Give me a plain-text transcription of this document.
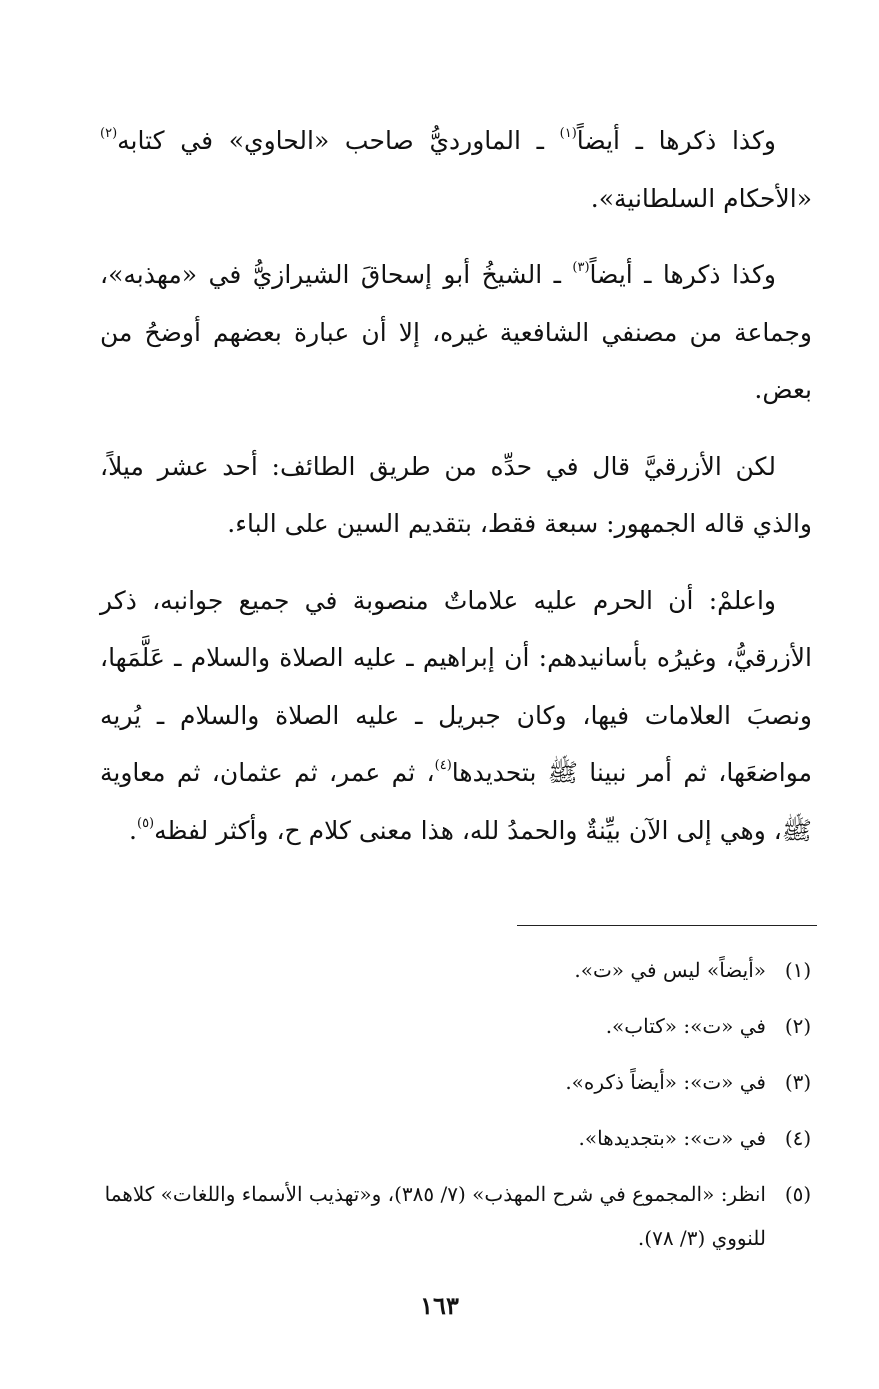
وكذا ذكرها ـ أيضاً$^{(١)}$ ـ الماورديُّ صاحب «الحاوي» في كتابه$^{(٢)}$ «الأحكام السلطانية».

وكذا ذكرها ـ أيضاً$^{(٣)}$ ـ الشيخُ أبو إسحاقَ الشيرازيُّ في «مهذبه»، وجماعة من مصنفي الشافعية غيره، إلا أن عبارة بعضهم أوضحُ من بعض.

لكن الأزرقيَّ قال في حدِّه من طريق الطائف: أحد عشر ميلاً، والذي قاله الجمهور: سبعة فقط، بتقديم السين على الباء.

واعلمْ: أن الحرم عليه علاماتٌ منصوبة في جميع جوانبه، ذكر الأزرقيُّ، وغيرُه بأسانيدهم: أن إبراهيم ـ عليه الصلاة والسلام ـ عَلَّمَها، ونصبَ العلامات فيها، وكان جبريل ـ عليه الصلاة والسلام ـ يُريه مواضعَها، ثم أمر نبينا ﷺ بتحديدها$^{(٤)}$، ثم عمر، ثم عثمان، ثم معاوية ﷺ، وهي إلى الآن بيِّنةٌ والحمدُ لله، هذا معنى كلام ح، وأكثر لفظه$^{(٥)}$.

(١)
«أيضاً» ليس في «ت».
(٢)
في «ت»: «كتاب».
(٣)
في «ت»: «أيضاً ذكره».
(٤)
في «ت»: «بتجديدها».
(٥)
انظر: «المجموع في شرح المهذب» (٧/ ٣٨٥)، و«تهذيب الأسماء واللغات» كلاهما للنووي (٣/ ٧٨).
١٦٣
